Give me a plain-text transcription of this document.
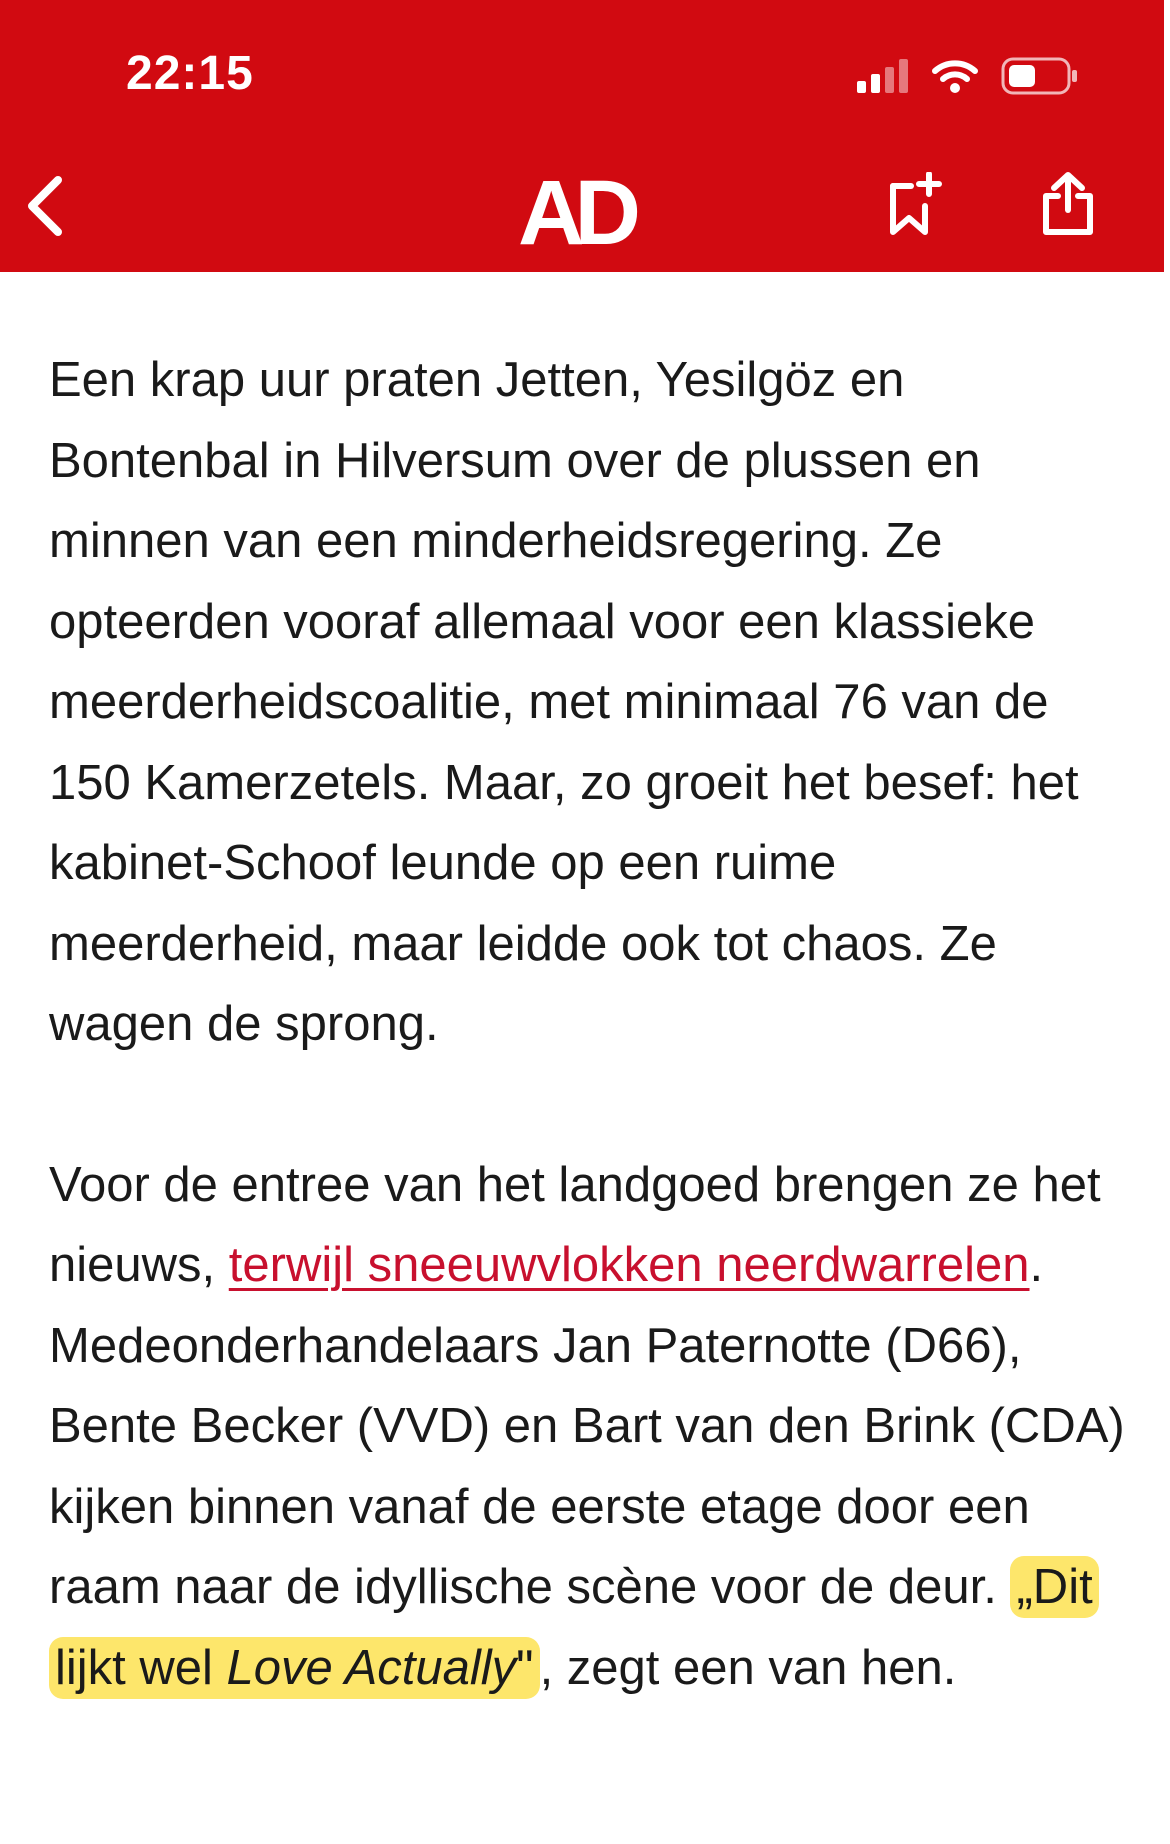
22:15
AD

Een krap uur praten Jetten, Yesilgöz en Bontenbal in Hilversum over de plussen en minnen van een minderheidsregering. Ze opteerden vooraf allemaal voor een klassieke meerderheidscoalitie, met minimaal 76 van de 150 Kamerzetels. Maar, zo groeit het besef: het kabinet-Schoof leunde op een ruime meerderheid, maar leidde ook tot chaos. Ze wagen de sprong.

Voor de entree van het landgoed brengen ze het nieuws, terwijl sneeuwvlokken neerdwarrelen. Medeonderhandelaars Jan Paternotte (D66), Bente Becker (VVD) en Bart van den Brink (CDA) kijken binnen vanaf de eerste etage door een raam naar de idyllische scène voor de deur. „Dit lijkt wel Love Actually" , zegt een van hen.
